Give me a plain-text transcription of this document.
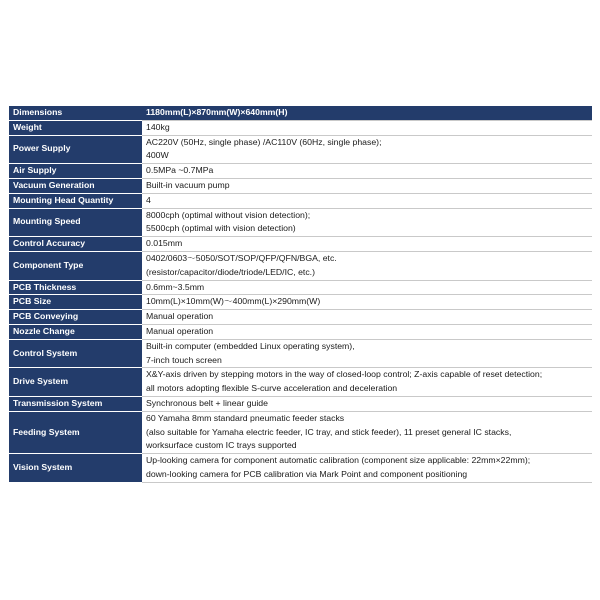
Dimensions	1180mm(L)×870mm(W)×640mm(H)

Weight	140kg

Power Supply	AC220V (50Hz, single phase) /AC110V (60Hz, single phase);
400W

Air Supply	0.5MPa ~0.7MPa

Vacuum Generation	Built-in vacuum pump

Mounting Head Quantity	4

Mounting Speed	8000cph (optimal without vision detection);
5500cph (optimal with vision detection)

Control Accuracy	0.015mm

Component Type	0402/0603～5050/SOT/SOP/QFP/QFN/BGA, etc.
(resistor/capacitor/diode/triode/LED/IC, etc.)

PCB Thickness	0.6mm~3.5mm

PCB Size	10mm(L)×10mm(W)～400mm(L)×290mm(W)

PCB Conveying	Manual operation

Nozzle Change	Manual operation

Control System	Built-in computer (embedded Linux operating system),
7-inch touch screen

Drive System	X&Y-axis driven by stepping motors in the way of closed-loop control; Z-axis capable of reset detection;
all motors adopting flexible S-curve acceleration and deceleration

Transmission System	Synchronous belt + linear guide

Feeding System	60 Yamaha 8mm standard pneumatic feeder stacks
(also suitable for Yamaha electric feeder, IC tray, and stick feeder), 11 preset general IC stacks,
worksurface custom IC trays supported

Vision System	Up-looking camera for component automatic calibration (component size applicable: 22mm×22mm);
down-looking camera for PCB calibration via Mark Point and component positioning
